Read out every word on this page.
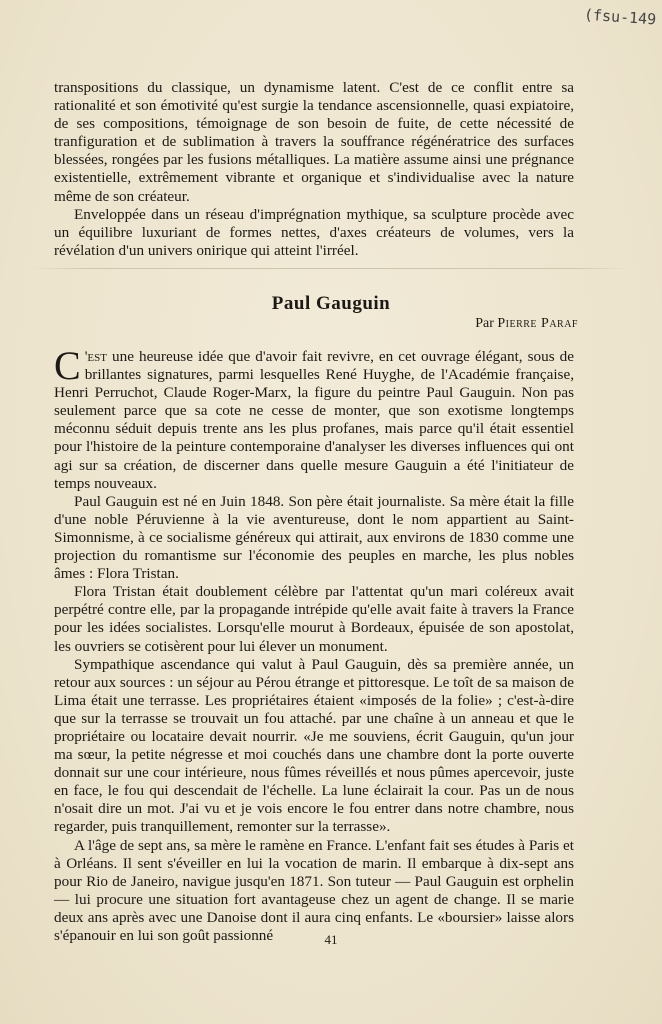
(fsu-149

transpositions du classique, un dynamisme latent. C'est de ce conflit entre sa rationalité et son émotivité qu'est surgie la tendance ascensionnelle, quasi expiatoire, de ses compositions, témoignage de son besoin de fuite, de cette nécessité de tranfiguration et de sublimation à travers la souffrance régénératrice des surfaces blessées, rongées par les fusions métalliques. La matière assume ainsi une prégnance existentielle, extrêmement vibrante et organique et s'individualise avec la nature même de son créateur.

Enveloppée dans un réseau d'imprégnation mythique, sa sculpture procède avec un équilibre luxuriant de formes nettes, d'axes créateurs de volumes, vers la révélation d'un univers onirique qui atteint l'irréel.

Paul Gauguin
Par Pierre Paraf

C 'est une heureuse idée que d'avoir fait revivre, en cet ouvrage élégant, sous de brillantes signatures, parmi lesquelles René Huyghe, de l'Académie française, Henri Perruchot, Claude Roger-Marx, la figure du peintre Paul Gauguin. Non pas seulement parce que sa cote ne cesse de monter, que son exotisme longtemps méconnu séduit depuis trente ans les plus profanes, mais parce qu'il était essentiel pour l'histoire de la peinture contemporaine d'analyser les diverses influences qui ont agi sur sa création, de discerner dans quelle mesure Gauguin a été l'initiateur de temps nouveaux.

Paul Gauguin est né en Juin 1848. Son père était journaliste. Sa mère était la fille d'une noble Péruvienne à la vie aventureuse, dont le nom appartient au Saint-Simonnisme, à ce socialisme généreux qui attirait, aux environs de 1830 comme une projection du romantisme sur l'économie des peuples en marche, les plus nobles âmes : Flora Tristan.

Flora Tristan était doublement célèbre par l'attentat qu'un mari coléreux avait perpétré contre elle, par la propagande intrépide qu'elle avait faite à travers la France pour les idées socialistes. Lorsqu'elle mourut à Bordeaux, épuisée de son apostolat, les ouvriers se cotisèrent pour lui élever un monument.

Sympathique ascendance qui valut à Paul Gauguin, dès sa première année, un retour aux sources : un séjour au Pérou étrange et pittoresque. Le toît de sa maison de Lima était une terrasse. Les propriétaires étaient «imposés de la folie» ; c'est-à-dire que sur la terrasse se trouvait un fou attaché. par une chaîne à un anneau et que le propriétaire ou locataire devait nourrir. «Je me souviens, écrit Gauguin, qu'un jour ma sœur, la petite négresse et moi couchés dans une chambre dont la porte ouverte donnait sur une cour intérieure, nous fûmes réveillés et nous pûmes apercevoir, juste en face, le fou qui descendait de l'échelle. La lune éclairait la cour. Pas un de nous n'osait dire un mot. J'ai vu et je vois encore le fou entrer dans notre chambre, nous regarder, puis tranquillement, remonter sur la terrasse».

A l'âge de sept ans, sa mère le ramène en France. L'enfant fait ses études à Paris et à Orléans. Il sent s'éveiller en lui la vocation de marin. Il embarque à dix-sept ans pour Rio de Janeiro, navigue jusqu'en 1871. Son tuteur — Paul Gauguin est orphelin — lui procure une situation fort avantageuse chez un agent de change. Il se marie deux ans après avec une Danoise dont il aura cinq enfants. Le «boursier» laisse alors s'épanouir en lui son goût passionné	41
